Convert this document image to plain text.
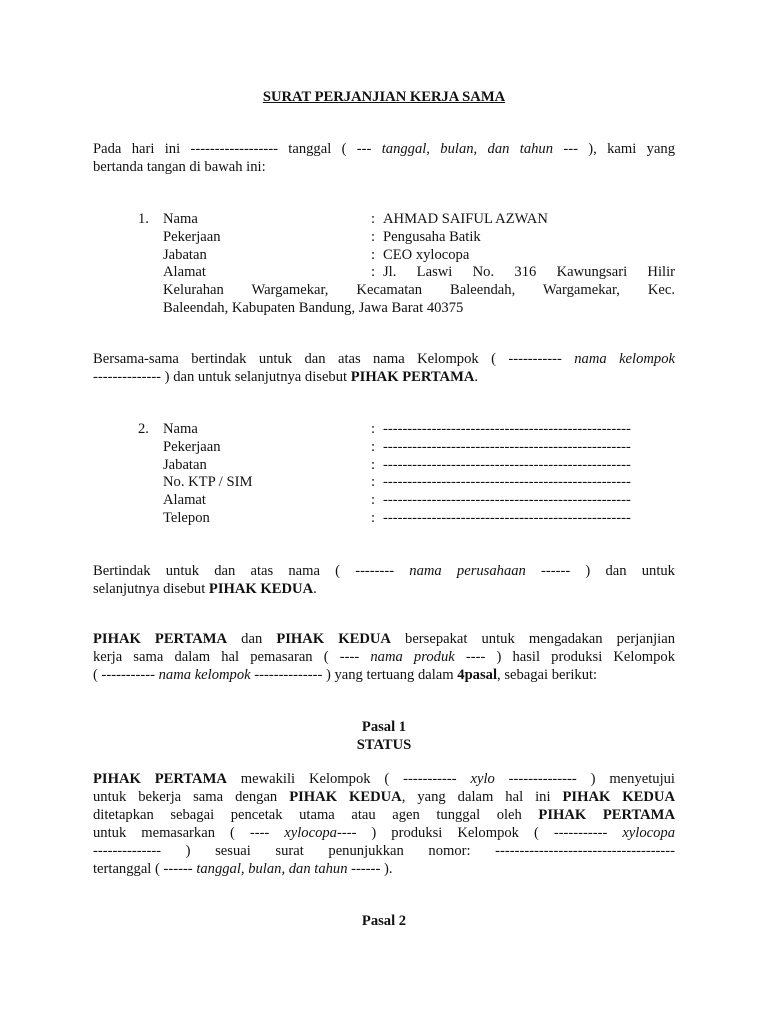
SURAT PERJANJIAN KERJA SAMA
Pada hari ini ------------------ tanggal ( --- tanggal, bulan, dan tahun --- ), kami yang
bertanda tangan di bawah ini:
1. Nama	: AHMAD SAIFUL AZWAN
Pekerjaan	: Pengusaha Batik
Jabatan	: CEO xylocopa
Alamat	: Jl. Laswi No. 316 Kawungsari Hilir
Kelurahan Wargamekar, Kecamatan Baleendah, Wargamekar, Kec.
Baleendah, Kabupaten Bandung, Jawa Barat 40375
Bersama-sama bertindak untuk dan atas nama Kelompok ( ----------- nama kelompok
-------------- ) dan untuk selanjutnya disebut PIHAK PERTAMA.
2. Nama	: ---------------------------------------------------
Pekerjaan	: ---------------------------------------------------
Jabatan	: ---------------------------------------------------
No. KTP / SIM	: ---------------------------------------------------
Alamat	: ---------------------------------------------------
Telepon	: ---------------------------------------------------
Bertindak untuk dan atas nama ( -------- nama perusahaan ------ ) dan untuk
selanjutnya disebut PIHAK KEDUA.
PIHAK PERTAMA dan PIHAK KEDUA bersepakat untuk mengadakan perjanjian
kerja sama dalam hal pemasaran ( ---- nama produk ---- ) hasil produksi Kelompok
( ----------- nama kelompok -------------- ) yang tertuang dalam 4pasal, sebagai berikut:
Pasal 1
STATUS
PIHAK PERTAMA mewakili Kelompok ( ----------- xylo -------------- ) menyetujui
untuk bekerja sama dengan PIHAK KEDUA, yang dalam hal ini PIHAK KEDUA
ditetapkan sebagai pencetak utama atau agen tunggal oleh PIHAK PERTAMA
untuk memasarkan ( ---- xylocopa---- ) produksi Kelompok ( ----------- xylocopa
-------------- ) sesuai surat penunjukkan nomor: -------------------------------------
tertanggal ( ------ tanggal, bulan, dan tahun ------ ).
Pasal 2
